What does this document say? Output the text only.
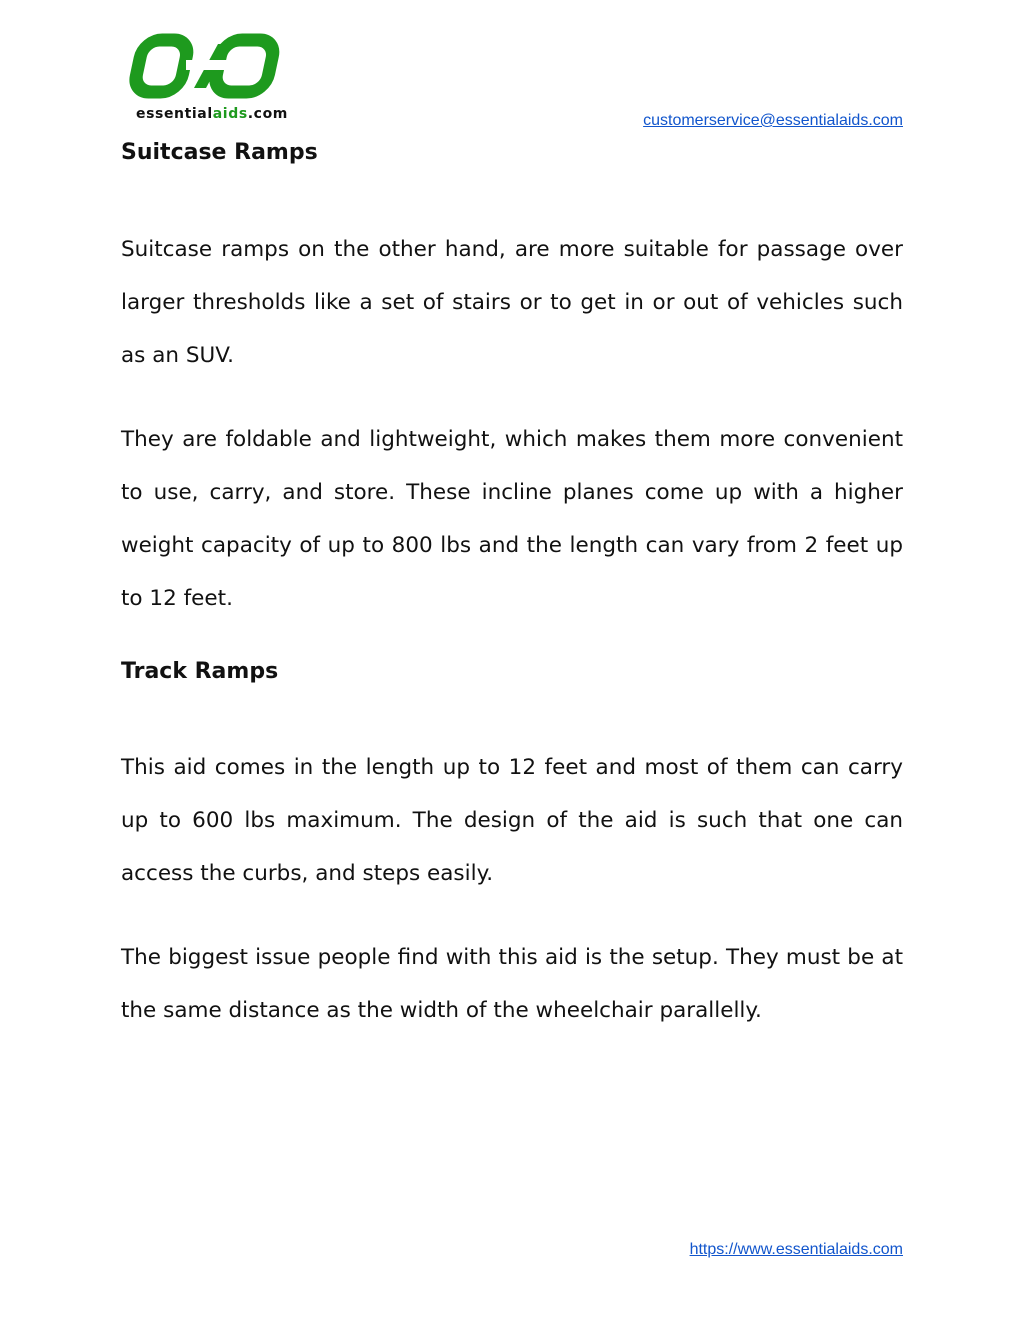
essentialaids.com	customerservice@essentialaids.com
Suitcase Ramps

Suitcase ramps on the other hand, are more suitable for passage over larger thresholds like a set of stairs or to get in or out of vehicles such as an SUV.

They are foldable and lightweight, which makes them more convenient to use, carry, and store. These incline planes come up with a higher weight capacity of up to 800 lbs and the length can vary from 2 feet up to 12 feet.

Track Ramps

This aid comes in the length up to 12 feet and most of them can carry up to 600 lbs maximum. The design of the aid is such that one can access the curbs, and steps easily.

The biggest issue people find with this aid is the setup. They must be at the same distance as the width of the wheelchair parallelly.

https://www.essentialaids.com
